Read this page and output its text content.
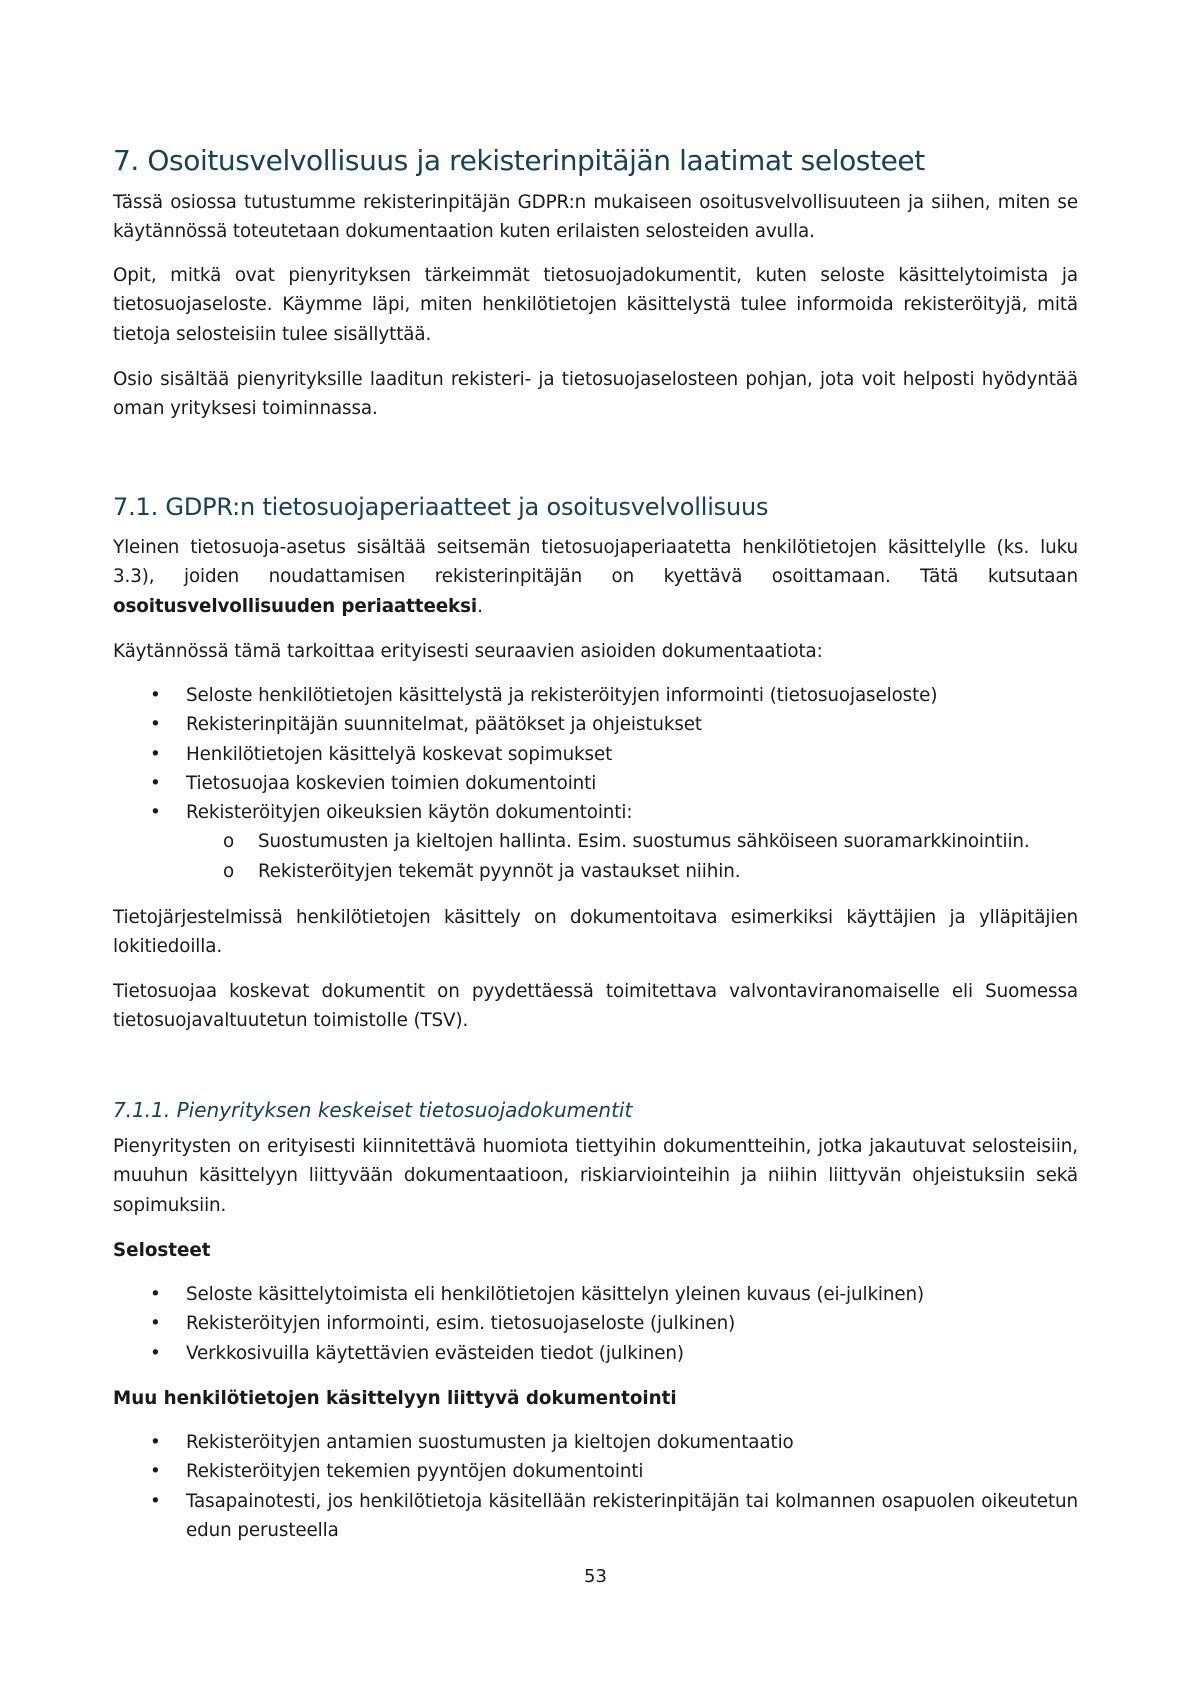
7. Osoitusvelvollisuus ja rekisterinpitäjän laatimat selosteet

Tässä osiossa tutustumme rekisterinpitäjän GDPR:n mukaiseen osoitusvelvollisuuteen ja siihen, miten se käytännössä toteutetaan dokumentaation kuten erilaisten selosteiden avulla.

Opit, mitkä ovat pienyrityksen tärkeimmät tietosuojadokumentit, kuten seloste käsittelytoimista ja tietosuojaseloste. Käymme läpi, miten henkilötietojen käsittelystä tulee informoida rekisteröityjä, mitä tietoja selosteisiin tulee sisällyttää.

Osio sisältää pienyrityksille laaditun rekisteri- ja tietosuojaselosteen pohjan, jota voit helposti hyödyntää oman yrityksesi toiminnassa.

7.1. GDPR:n tietosuojaperiaatteet ja osoitusvelvollisuus

Yleinen tietosuoja-asetus sisältää seitsemän tietosuojaperiaatetta henkilötietojen käsittelylle (ks. luku 3.3), joiden noudattamisen rekisterinpitäjän on kyettävä osoittamaan. Tätä kutsutaan osoitusvelvollisuuden periaatteeksi.

Käytännössä tämä tarkoittaa erityisesti seuraavien asioiden dokumentaatiota:

• Seloste henkilötietojen käsittelystä ja rekisteröityjen informointi (tietosuojaseloste)
• Rekisterinpitäjän suunnitelmat, päätökset ja ohjeistukset
• Henkilötietojen käsittelyä koskevat sopimukset
• Tietosuojaa koskevien toimien dokumentointi
• Rekisteröityjen oikeuksien käytön dokumentointi:
o Suostumusten ja kieltojen hallinta. Esim. suostumus sähköiseen suoramarkkinointiin.
o Rekisteröityjen tekemät pyynnöt ja vastaukset niihin.

Tietojärjestelmissä henkilötietojen käsittely on dokumentoitava esimerkiksi käyttäjien ja ylläpitäjien lokitiedoilla.

Tietosuojaa koskevat dokumentit on pyydettäessä toimitettava valvontaviranomaiselle eli Suomessa tietosuojavaltuutetun toimistolle (TSV).

7.1.1. Pienyrityksen keskeiset tietosuojadokumentit

Pienyritysten on erityisesti kiinnitettävä huomiota tiettyihin dokumentteihin, jotka jakautuvat selosteisiin, muuhun käsittelyyn liittyvään dokumentaatioon, riskiarviointeihin ja niihin liittyvän ohjeistuksiin sekä sopimuksiin.

Selosteet

• Seloste käsittelytoimista eli henkilötietojen käsittelyn yleinen kuvaus (ei-julkinen)
• Rekisteröityjen informointi, esim. tietosuojaseloste (julkinen)
• Verkkosivuilla käytettävien evästeiden tiedot (julkinen)

Muu henkilötietojen käsittelyyn liittyvä dokumentointi

• Rekisteröityjen antamien suostumusten ja kieltojen dokumentaatio
• Rekisteröityjen tekemien pyyntöjen dokumentointi
• Tasapainotesti, jos henkilötietoja käsitellään rekisterinpitäjän tai kolmannen osapuolen oikeutetun edun perusteella
53
